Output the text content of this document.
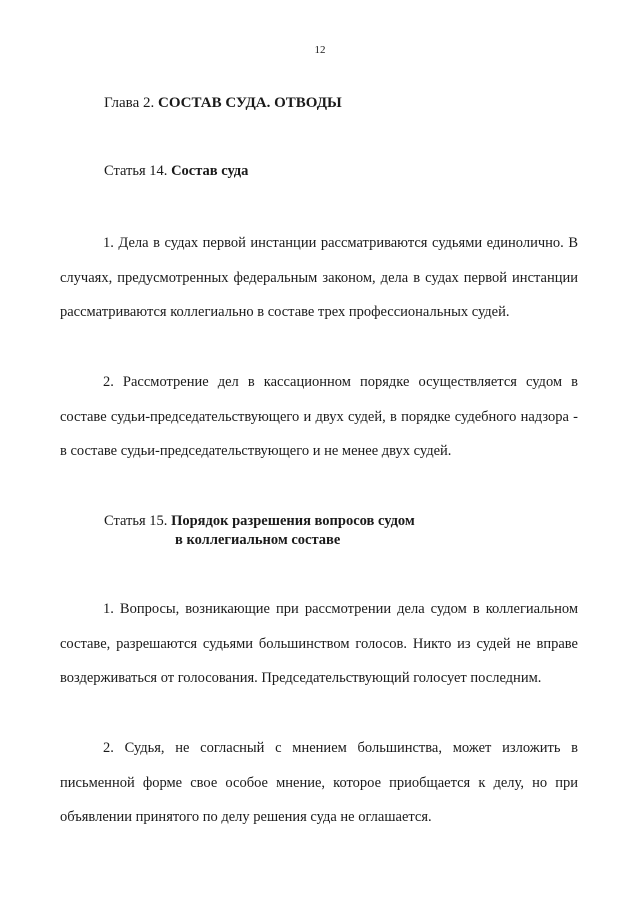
12
Глава 2. СОСТАВ СУДА. ОТВОДЫ
Статья 14. Состав суда

1. Дела в судах первой инстанции рассматриваются судьями единолично. В случаях, предусмотренных федеральным законом, дела в судах первой инстанции рассматриваются коллегиально в составе трех профессиональных судей.

2. Рассмотрение дел в кассационном порядке осуществляется судом в составе судьи-председательствующего и двух судей, в порядке судебного надзора - в составе судьи-председательствующего и не менее двух судей.

Статья 15. Порядок разрешения вопросов судом
в коллегиальном составе

1. Вопросы, возникающие при рассмотрении дела судом в коллегиальном составе, разрешаются судьями большинством голосов. Никто из судей не вправе воздерживаться от голосования. Председательствующий голосует последним.

2. Судья, не согласный с мнением большинства, может изложить в письменной форме свое особое мнение, которое приобщается к делу, но при объявлении принятого по делу решения суда не оглашается.
